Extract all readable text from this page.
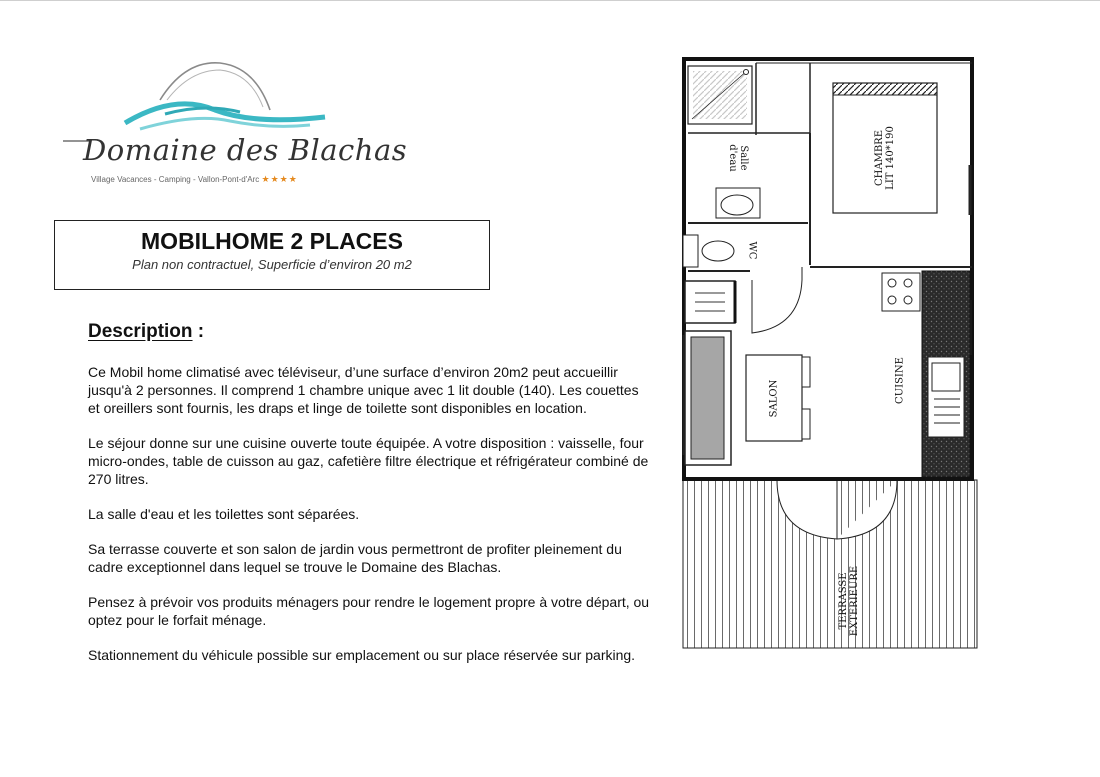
Domaine des Blachas
Village Vacances - Camping - Vallon-Pont-d'Arc ★★★★
MOBILHOME 2 PLACES
Plan non contractuel, Superficie d’environ 20 m2
Description :

Ce Mobil home climatisé avec téléviseur, d’une surface d’environ 20m2 peut accueillir jusqu'à 2 personnes. Il comprend 1 chambre unique avec 1 lit double (140). Les couettes et oreillers sont fournis, les draps et linge de toilette sont disponibles en location.

Le séjour donne sur une cuisine ouverte toute équipée. A votre disposition : vaisselle, four micro-ondes, table de cuisson au gaz, cafetière filtre électrique et réfrigérateur combiné de 270 litres.

La salle d'eau et les toilettes sont séparées.

Sa terrasse couverte et son salon de jardin vous permettront de profiter pleinement du cadre exceptionnel dans lequel se trouve le Domaine des Blachas.

Pensez à prévoir vos produits ménagers pour rendre le logement propre à votre départ, ou optez pour le forfait ménage.

Stationnement du véhicule possible sur emplacement ou sur place réservée sur parking.

Salle
d'eau
WC
CHAMBRE
LIT 140*190
SALON	CUISINE
TERRASSE
EXTERIEURE
